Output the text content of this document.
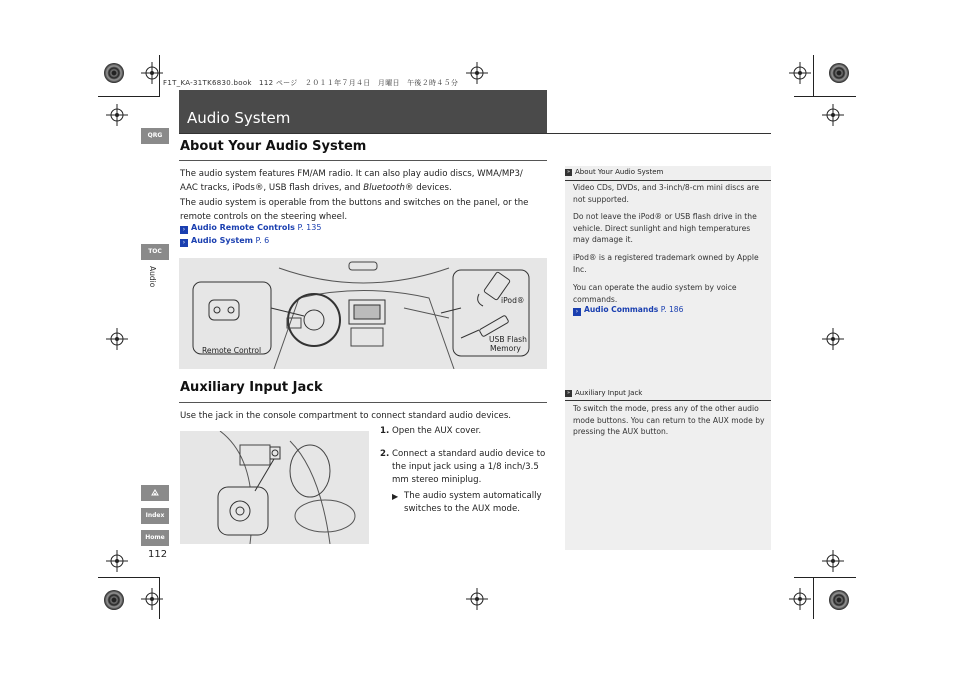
F1T_KA-31TK6830.book　112 ページ　２０１１年７月４日　月曜日　午後２時４５分
QRG
TOC
Audio
Index
Home
112
Audio System
About Your Audio System
The audio system features FM/AM radio. It can also play audio discs, WMA/MP3/ AAC tracks, iPods®, USB flash drives, and Bluetooth® devices.
The audio system is operable from the buttons and switches on the panel, or the remote controls on the steering wheel.
› Audio Remote Controls P. 135
› Audio System P. 6
Remote Control
iPod®
USB Flash
Memory
Auxiliary Input Jack
Use the jack in the console compartment to connect standard audio devices.
1. Open the AUX cover.
2. Connect a standard audio device to the input jack using a 1/8 inch/3.5 mm stereo miniplug.
▶ The audio system automatically switches to the AUX mode.
» About Your Audio System
Video CDs, DVDs, and 3-inch/8-cm mini discs are not supported.
Do not leave the iPod® or USB flash drive in the vehicle. Direct sunlight and high temperatures may damage it.
iPod® is a registered trademark owned by Apple Inc.
You can operate the audio system by voice commands.
› Audio Commands P. 186
» Auxiliary Input Jack
To switch the mode, press any of the other audio mode buttons. You can return to the AUX mode by pressing the AUX button.
